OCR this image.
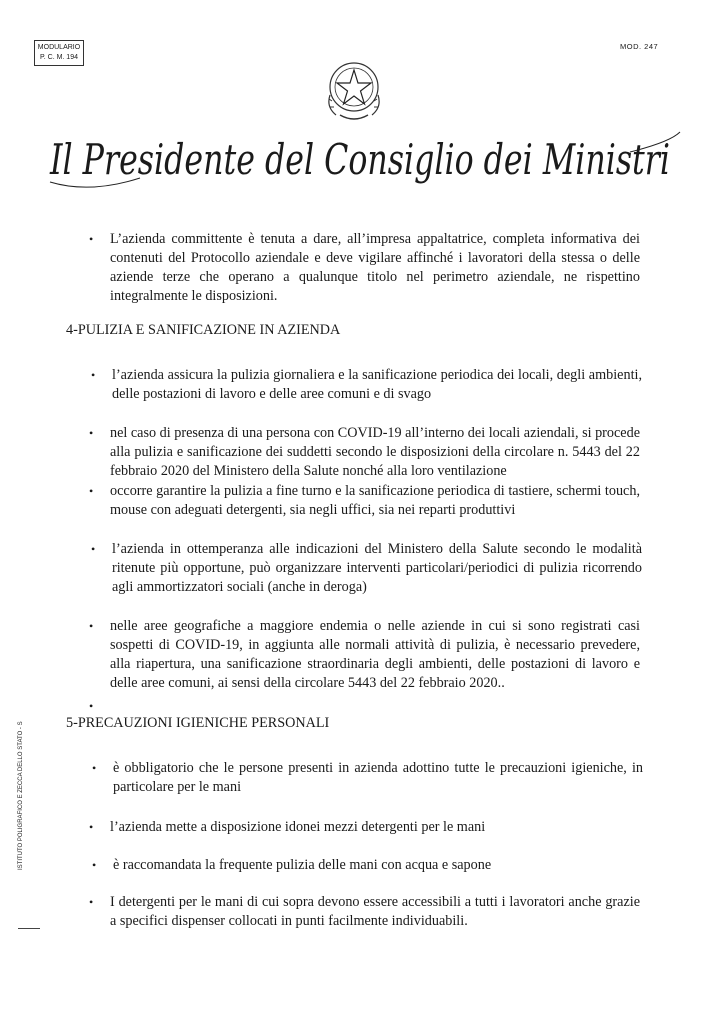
MODULARIO
P. C. M. 194
MOD. 247
Il Presidente del Consiglio dei Ministri
ISTITUTO POLIGRAFICO E ZECCA DELLO STATO - S
• L’azienda committente è tenuta a dare, all’impresa appaltatrice, completa informativa dei contenuti del Protocollo aziendale e deve vigilare affinché i lavoratori della stessa o delle aziende terze che operano a qualunque titolo nel perimetro aziendale, ne rispettino integralmente le disposizioni.
4-PULIZIA E SANIFICAZIONE IN AZIENDA
• l’azienda assicura la pulizia giornaliera e la sanificazione periodica dei locali, degli ambienti, delle postazioni di lavoro e delle aree comuni e di svago
• nel caso di presenza di una persona con COVID-19 all’interno dei locali aziendali, si procede alla pulizia e sanificazione dei suddetti secondo le disposizioni della circolare n. 5443 del 22 febbraio 2020 del Ministero della Salute nonché alla loro ventilazione
• occorre garantire la pulizia a fine turno e la sanificazione periodica di tastiere, schermi touch, mouse con adeguati detergenti, sia negli uffici, sia nei reparti produttivi
• l’azienda in ottemperanza alle indicazioni del Ministero della Salute secondo le modalità ritenute più opportune, può organizzare interventi particolari/periodici di pulizia ricorrendo agli ammortizzatori sociali (anche in deroga)
• nelle aree geografiche a maggiore endemia o nelle aziende in cui si sono registrati casi sospetti di COVID-19, in aggiunta alle normali attività di pulizia, è necessario prevedere, alla riapertura, una sanificazione straordinaria degli ambienti, delle postazioni di lavoro e delle aree comuni, ai sensi della circolare 5443 del 22 febbraio 2020..
•
5-PRECAUZIONI IGIENICHE PERSONALI
• è obbligatorio che le persone presenti in azienda adottino tutte le precauzioni igieniche, in particolare per le mani
• l’azienda mette a disposizione idonei mezzi detergenti per le mani
• è raccomandata la frequente pulizia delle mani con acqua e sapone
• I detergenti per le mani di cui sopra devono essere accessibili a tutti i lavoratori anche grazie a specifici dispenser collocati in punti facilmente individuabili.
